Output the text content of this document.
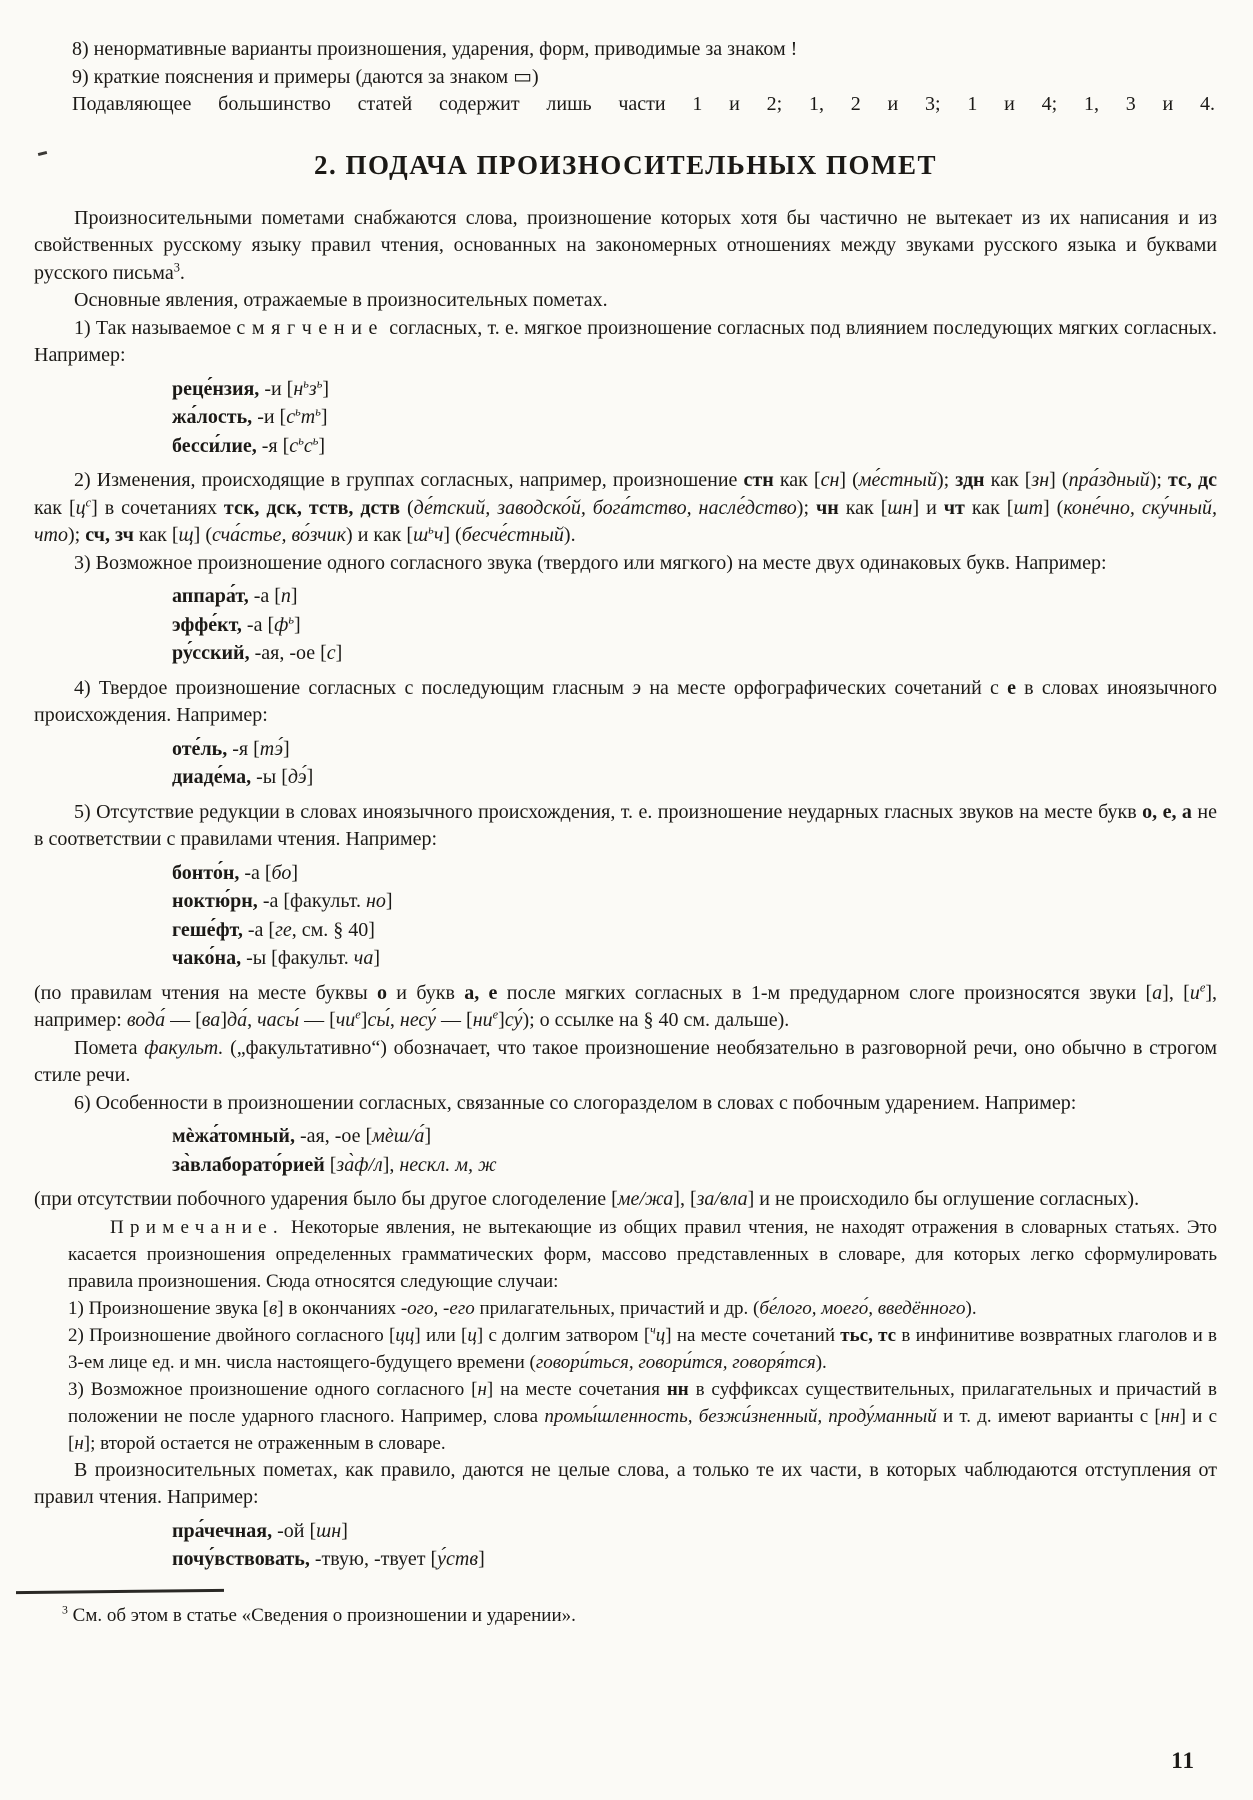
8) ненормативные варианты произношения, ударения, форм, приводимые за знаком !

9) краткие пояснения и примеры (даются за знаком ▭)

Подавляющее большинство статей содержит лишь части 1 и 2; 1, 2 и 3; 1 и 4; 1, 3 и 4.

2. ПОДАЧА ПРОИЗНОСИТЕЛЬНЫХ ПОМЕТ

Произносительными пометами снабжаются слова, произношение которых хотя бы частично не вытекает из их написания и из свойственных русскому языку правил чтения, основанных на закономерных отношениях между звуками русского языка и буквами русского письма$^3$.

Основные явления, отражаемые в произносительных пометах.

1) Так называемое смягчение согласных, т. е. мягкое произношение согласных под влиянием последующих мягких согласных. Например:

реце́нзия, -и $[н^ьз^ь]$

жа́лость, -и $[с^ьт^ь]$

бесси́лие, -я $[с^ьс^ь]$

2) Изменения, происходящие в группах согласных, например, произношение стн как [сн] (ме́стный); здн как [зн] (пра́здный); тс, дс как $[ц^с]$ в сочетаниях тск, дск, тств, дств (де́тский, заводско́й, бога́тство, насле́дство); чн как [шн] и чт как [шт] (коне́чно, ску́чный, что); сч, зч как [щ] (сча́стье, во́зчик) и как $[ш^ьч]$ (бесче́стный).

3) Возможное произношение одного согласного звука (твердого или мягкого) на месте двух одинаковых букв. Например:

аппара́т, -а [п]

эффе́кт, -а $[ф^ь]$

ру́сский, -ая, -ое [с]

4) Твердое произношение согласных с последующим гласным э на месте орфографических сочетаний с е в словах иноязычного происхождения. Например:

оте́ль, -я [тэ́]

диаде́ма, -ы [дэ́]

5) Отсутствие редукции в словах иноязычного происхождения, т. е. произношение неударных гласных звуков на месте букв о, е, а не в соответствии с правилами чтения. Например:

бонто́н, -а [бо]

ноктю́рн, -а [факульт. но]

геше́фт, -а [ге, см. § 40]

чако́на, -ы [факульт. ча]

(по правилам чтения на месте буквы о и букв а, е после мягких согласных в 1-м предударном слоге произносятся звуки [а], $[и^е]$, например: вода́ — [ва]да́, часы́ — $[чи^е]сы́$, несу́ — $[ни^е]су́$); о ссылке на § 40 см. дальше).

Помета факульт. („факультативно“) обозначает, что такое произношение необязательно в разговорной речи, оно обычно в строгом стиле речи.

6) Особенности в произношении согласных, связанные со слогоразделом в словах с побочным ударением. Например:

мѐжа́томный, -ая, -ое [мѐш/а́]

за̀влаборато́рией [за̀ф/л], нескл. м, ж

(при отсутствии побочного ударения было бы другое слогоделение [ме/жа], [за/вла] и не происходило бы оглушение согласных).

Примечание. Некоторые явления, не вытекающие из общих правил чтения, не находят отражения в словарных статьях. Это касается произношения определенных грамматических форм, массово представленных в словаре, для которых легко сформулировать правила произношения. Сюда относятся следующие случаи:

1) Произношение звука [в] в окончаниях -ого, -его прилагательных, причастий и др. (бе́лого, моего́, введённого).

2) Произношение двойного согласного [цц] или [ц] с долгим затвором [$^ч$ц] на месте сочетаний тьс, тс в инфинитиве возвратных глаголов и в 3-ем лице ед. и мн. числа настоящего-будущего времени (говори́ться, говори́тся, говоря́тся).

3) Возможное произношение одного согласного [н] на месте сочетания нн в суффиксах существительных, прилагательных и причастий в положении не после ударного гласного. Например, слова промы́шленность, безжи́зненный, проду́манный и т. д. имеют варианты с [нн] и с [н]; второй остается не отраженным в словаре.

В произносительных пометах, как правило, даются не целые слова, а только те их части, в которых чаблюдаются отступления от правил чтения. Например:

пра́чечная, -ой [шн]

почу́вствовать, -твую, -твует [у́ств]

$^3$ См. об этом в статье «Сведения о произношении и ударении».

11
